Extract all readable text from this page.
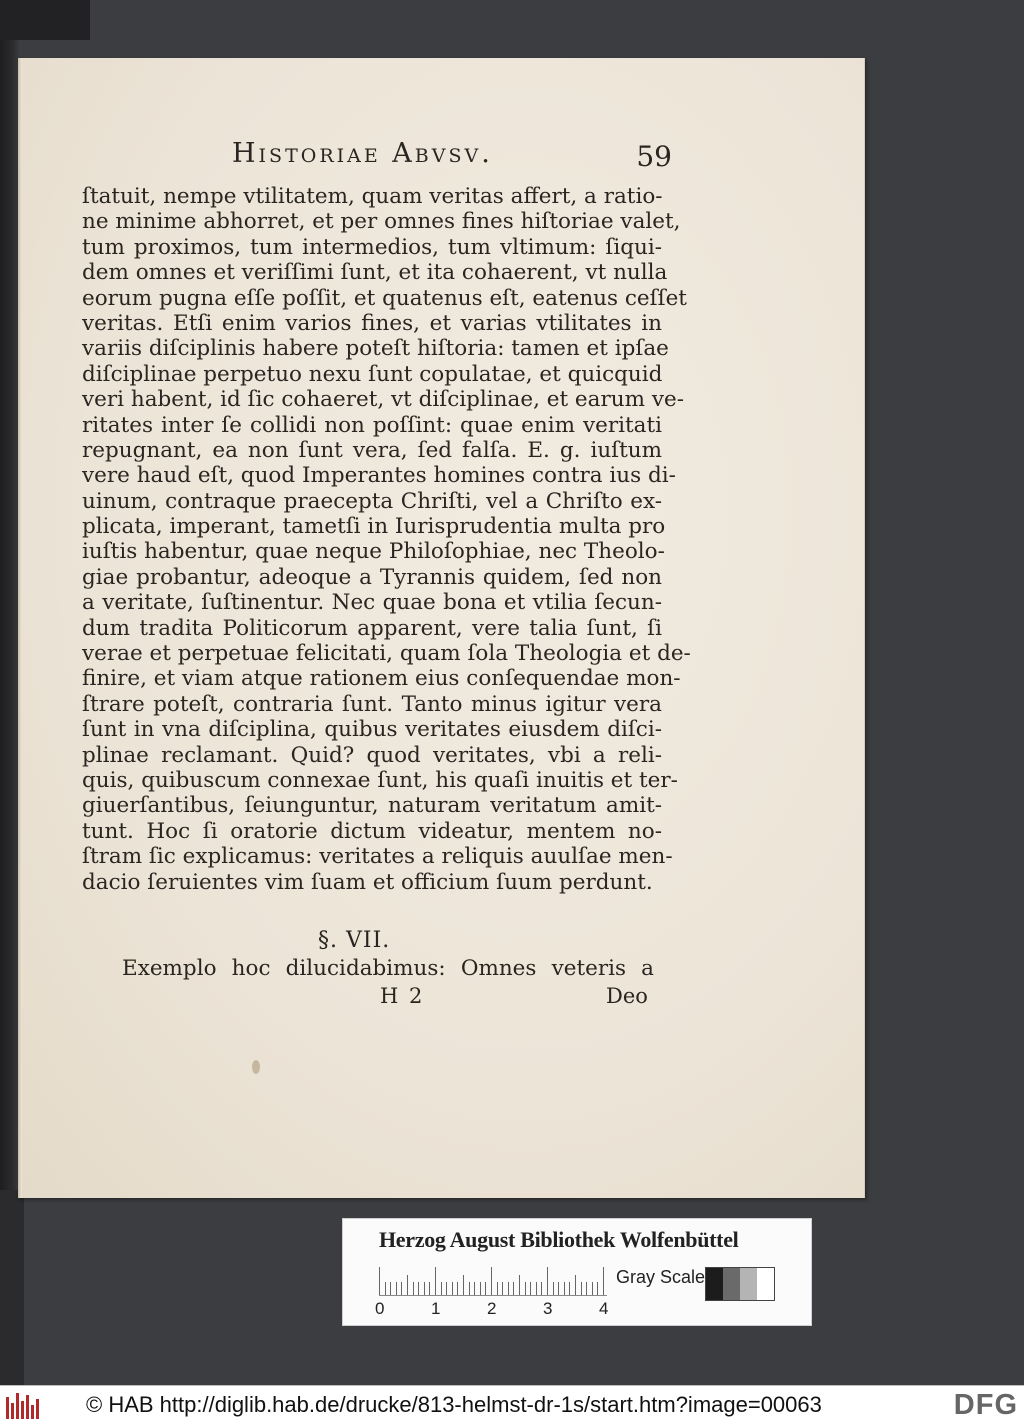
Historiae Abvsv.	59
ſtatuit, nempe vtilitatem, quam veritas affert, a ratio-
ne minime abhorret, et per omnes fines hiſtoriae valet,
tum proximos, tum intermedios, tum vltimum: ſiqui-
dem omnes et veriſſimi ſunt, et ita cohaerent, vt nulla
eorum pugna eſſe poſſit, et quatenus eſt, eatenus ceſſet
veritas. Etſi enim varios fines, et varias vtilitates in
variis diſciplinis habere poteſt hiſtoria: tamen et ipſae
diſciplinae perpetuo nexu ſunt copulatae, et quicquid
veri habent, id ſic cohaeret, vt diſciplinae, et earum ve-
ritates inter ſe collidi non poſſint: quae enim veritati
repugnant, ea non ſunt vera, ſed falſa. E. g. iuſtum
vere haud eſt, quod Imperantes homines contra ius di-
uinum, contraque praecepta Chriſti, vel a Chriſto ex-
plicata, imperant, tametſi in Iurisprudentia multa pro
iuſtis habentur, quae neque Philoſophiae, nec Theolo-
giae probantur, adeoque a Tyrannis quidem, ſed non
a veritate, ſuſtinentur. Nec quae bona et vtilia ſecun-
dum tradita Politicorum apparent, vere talia ſunt, ſi
verae et perpetuae felicitati, quam ſola Theologia et de-
finire, et viam atque rationem eius conſequendae mon-
ſtrare poteſt, contraria ſunt. Tanto minus igitur vera
ſunt in vna diſciplina, quibus veritates eiusdem diſci-
plinae reclamant. Quid? quod veritates, vbi a reli-
quis, quibuscum connexae ſunt, his quaſi inuitis et ter-
giuerſantibus, ſeiunguntur, naturam veritatum amit-
tunt. Hoc ſi oratorie dictum videatur, mentem no-
ſtram ſic explicamus: veritates a reliquis auulſae men-
dacio ſeruientes vim ſuam et officium ſuum perdunt.
§. VII.
Exemplo hoc dilucidabimus: Omnes veteris a
H 2	Deo
Herzog August Bibliothek Wolfenbüttel
0	1	2	3	4
Gray Scale
© HAB http://diglib.hab.de/drucke/813-helmst-dr-1s/start.htm?image=00063	DFG
